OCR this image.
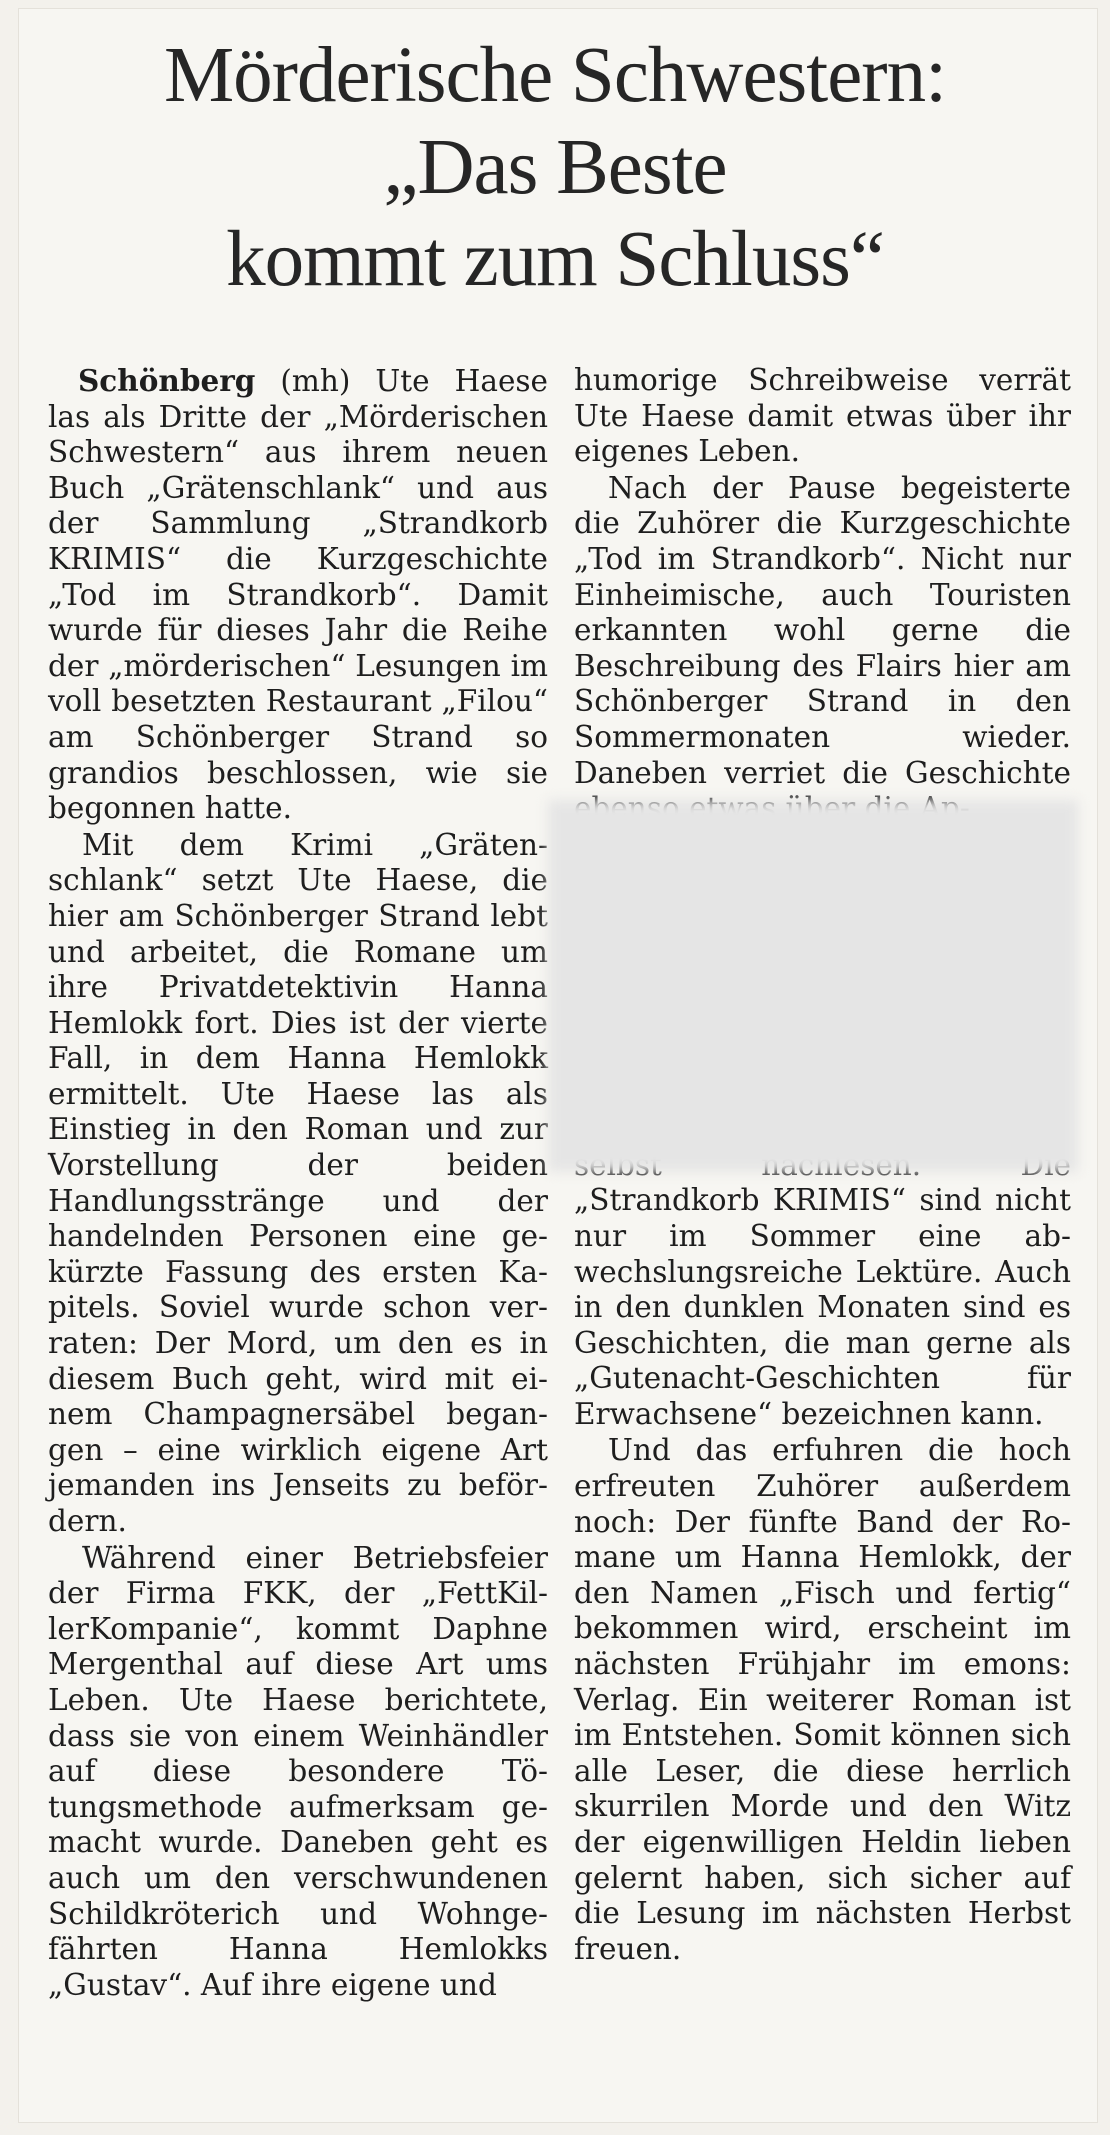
Mörderische Schwestern:
„Das Beste
kommt zum Schluss“

Schönberg (mh) Ute Haese las als Dritte der „Mörderischen Schwestern“ aus ihrem neuen Buch „Grätenschlank“ und aus der Sammlung „Strandkorb KRIMIS“ die Kurzgeschichte „Tod im Strandkorb“. Damit wurde für dieses Jahr die Reihe der „mörderischen“ Lesungen im voll besetzten Restaurant „Filou“ am Schönberger Strand so grandios beschlossen, wie sie begonnen hatte.

Mit dem Krimi „Grätenschlank“ setzt Ute Haese, die hier am Schönberger Strand lebt und arbeitet, die Romane um ihre Privatdetektivin Hanna Hemlokk fort. Dies ist der vierte Fall, in dem Hanna Hemlokk ermittelt. Ute Haese las als Einstieg in den Roman und zur Vorstellung der beiden Handlungsstränge und der handelnden Personen eine gekürzte Fassung des ersten Kapitels. Soviel wurde schon verraten: Der Mord, um den es in diesem Buch geht, wird mit einem Champagnersäbel begangen – eine wirklich eigene Art jemanden ins Jenseits zu befördern.

Während einer Betriebsfeier der Firma FKK, der „FettKillerKompanie“, kommt Daphne Mergenthal auf diese Art ums Leben. Ute Haese berichtete, dass sie von einem Weinhändler auf diese besondere Tötungsmethode aufmerksam gemacht wurde. Daneben geht es auch um den verschwundenen Schildkröterich und Wohngefährten Hanna Hemlokks „Gustav“. Auf ihre eigene und

humorige Schreibweise verrät Ute Haese damit etwas über ihr eigenes Leben.

Nach der Pause begeisterte die Zuhörer die Kurzgeschichte „Tod im Strandkorb“. Nicht nur Einheimische, auch Touristen erkannten wohl gerne die Beschreibung des Flairs hier am Schönberger Strand in den Sommermonaten wieder. Daneben verriet die Geschichte

„Strandkorb KRIMIS“ sind nicht nur im Sommer eine abwechslungsreiche Lektüre. Auch in den dunklen Monaten sind es Geschichten, die man gerne als „Gutenacht-Geschichten für Erwachsene“ bezeichnen kann.

Und das erfuhren die hoch erfreuten Zuhörer außerdem noch: Der fünfte Band der Romane um Hanna Hemlokk, der den Namen „Fisch und fertig“ bekommen wird, erscheint im nächsten Frühjahr im emons: Verlag. Ein weiterer Roman ist im Entstehen. Somit können sich alle Leser, die diese herrlich skurrilen Morde und den Witz der eigenwilligen Heldin lieben gelernt haben, sich sicher auf die Lesung im nächsten Herbst freuen.
